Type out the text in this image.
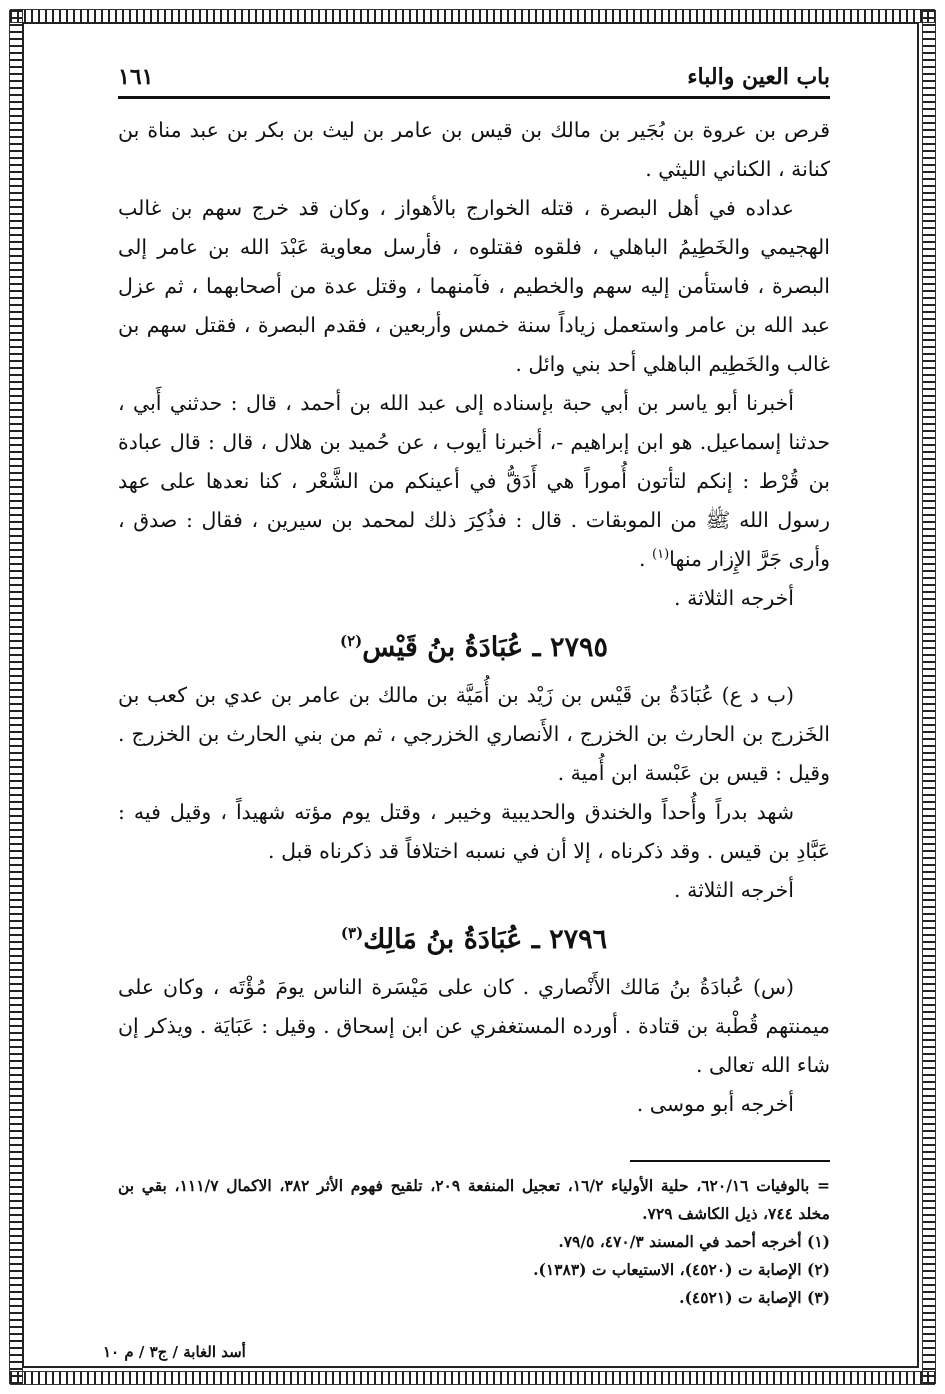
باب العين والباء
١٦١

قرص بن عروة بن بُجَير بن مالك بن قيس بن عامر بن ليث بن بكر بن عبد مناة بن كنانة ، الكناني الليثي .

عداده في أهل البصرة ، قتله الخوارج بالأهواز ، وكان قد خرج سهم بن غالب الهجيمي والخَطِيمُ الباهلي ، فلقوه فقتلوه ، فأرسل معاوية عَبْدَ الله بن عامر إلى البصرة ، فاستأمن إليه سهم والخطيم ، فآمنهما ، وقتل عدة من أصحابهما ، ثم عزل عبد الله بن عامر واستعمل زياداً سنة خمس وأربعين ، فقدم البصرة ، فقتل سهم بن غالب والخَطِيم الباهلي أحد بني وائل .

أخبرنا أبو ياسر بن أبي حبة بإسناده إلى عبد الله بن أحمد ، قال : حدثني أَبي ، حدثنا إسماعيل. هو ابن إبراهيم -، أخبرنا أيوب ، عن حُميد بن هلال ، قال : قال عبادة بن قُرْط : إنكم لتأتون أُموراً هي أَدَقُّ في أعينكم من الشَّعْر ، كنا نعدها على عهد رسول الله ﷺ من الموبقات . قال : فذُكِرَ ذلك لمحمد بن سيرين ، فقال : صدق ، وأرى جَرَّ الإِزار منها$^{(١)}$ .

أخرجه الثلاثة .

٢٧٩٥ ـ عُبَادَةُ بنُ قَيْس$^{(٢)}$

(ب د ع) عُبَادَةُ بن قَيْس بن زَيْد بن أُمَيَّة بن مالك بن عامر بن عدي بن كعب بن الخَزرج بن الحارث بن الخزرج ، الأَنصاري الخزرجي ، ثم من بني الحارث بن الخزرج . وقيل : قيس بن عَبْسة ابن أُمية .

شهد بدراً وأُحداً والخندق والحديبية وخيبر ، وقتل يوم مؤته شهيداً ، وقيل فيه : عَبَّادِ بن قيس . وقد ذكرناه ، إلا أن في نسبه اختلافاً قد ذكرناه قبل .

أخرجه الثلاثة .

٢٧٩٦ ـ عُبَادَةُ بنُ مَالِك$^{(٣)}$

(س) عُبادَةُ بنُ مَالك الأَنْصاري . كان على مَيْسَرة الناس يومَ مُؤْتَه ، وكان على ميمنتهم قُطْبة بن قتادة . أورده المستغفري عن ابن إسحاق . وقيل : عَبَايَة . ويذكر إن شاء الله تعالى .

أخرجه أبو موسى .

= بالوفيات ٦٢٠/١٦، حلية الأولياء ١٦/٢، تعجيل المنفعة ٢٠٩، تلقيح فهوم الأثر ٣٨٢، الاكمال ١١١/٧، بقي بن مخلد ٧٤٤، ذيل الكاشف ٧٢٩.

(١) أخرجه أحمد في المسند ٤٧٠/٣، ٧٩/٥.

(٢) الإصابة ت (٤٥٢٠)، الاستيعاب ت (١٣٨٣).

(٣) الإصابة ت (٤٥٢١).

أسد الغابة / ج٣ / م ١٠
